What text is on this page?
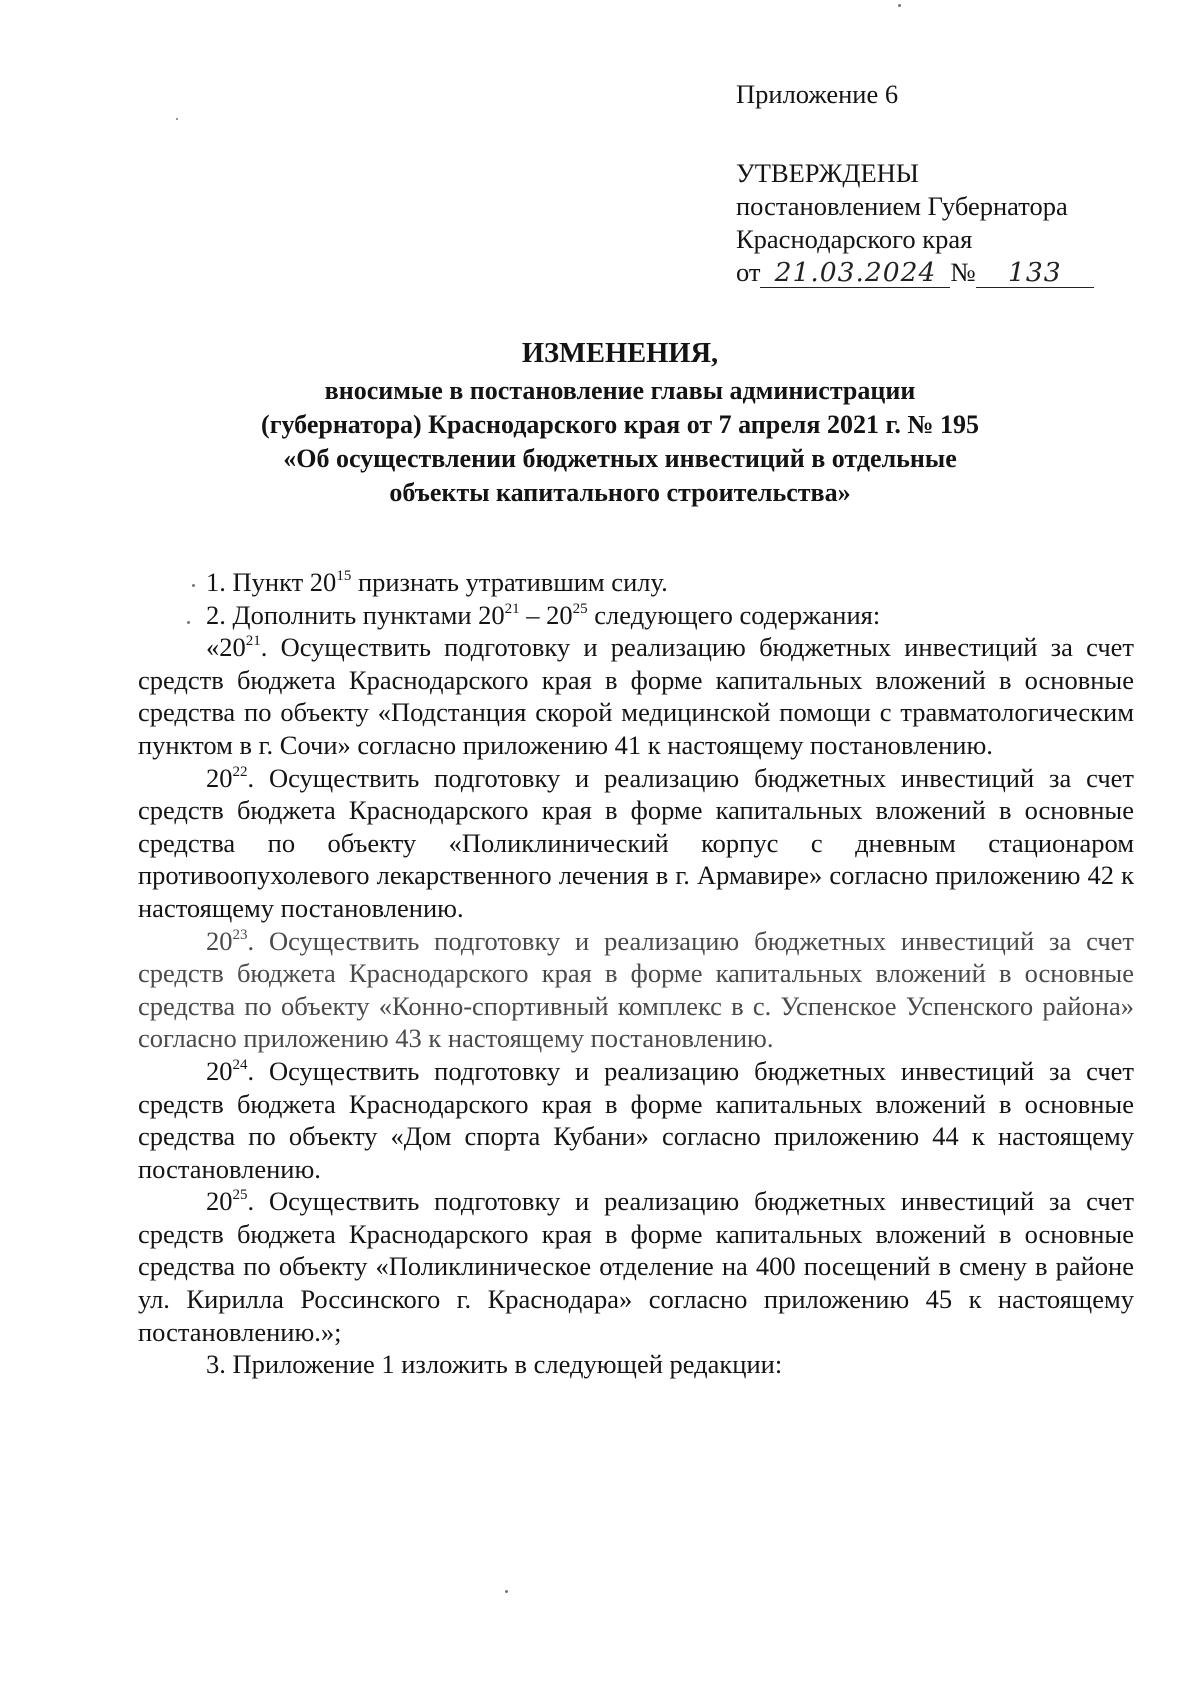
Приложение 6
УТВЕРЖДЕНЫ
постановлением Губернатора
Краснодарского края
от 21.03.2024 № 133
ИЗМЕНЕНИЯ,
вносимые в постановление главы администрации
(губернатора) Краснодарского края от 7 апреля 2021 г. № 195
«Об осуществлении бюджетных инвестиций в отдельные
объекты капитального строительства»

1. Пункт $20^{15}$ признать утратившим силу.

2. Дополнить пунктами $20^{21} - 20^{25}$ следующего содержания:

«$20^{21}$. Осуществить подготовку и реализацию бюджетных инвестиций за счет средств бюджета Краснодарского края в форме капитальных вложений в основные средства по объекту «Подстанция скорой медицинской помощи с травматологическим пунктом в г. Сочи» согласно приложению 41 к настоящему постановлению.

$20^{22}$. Осуществить подготовку и реализацию бюджетных инвестиций за счет средств бюджета Краснодарского края в форме капитальных вложений в основные средства по объекту «Поликлинический корпус с дневным стационаром противоопухолевого лекарственного лечения в г. Армавире» согласно приложению 42 к настоящему постановлению.

$20^{23}$. Осуществить подготовку и реализацию бюджетных инвестиций за счет средств бюджета Краснодарского края в форме капитальных вложений в основные средства по объекту «Конно-спортивный комплекс в с. Успенское Успенского района» согласно приложению 43 к настоящему постановлению.

$20^{24}$. Осуществить подготовку и реализацию бюджетных инвестиций за счет средств бюджета Краснодарского края в форме капитальных вложений в основные средства по объекту «Дом спорта Кубани» согласно приложению 44 к настоящему постановлению.

$20^{25}$. Осуществить подготовку и реализацию бюджетных инвестиций за счет средств бюджета Краснодарского края в форме капитальных вложений в основные средства по объекту «Поликлиническое отделение на 400 посещений в смену в районе ул. Кирилла Россинского г. Краснодара» согласно приложению 45 к настоящему постановлению.»;

3. Приложение 1 изложить в следующей редакции:
